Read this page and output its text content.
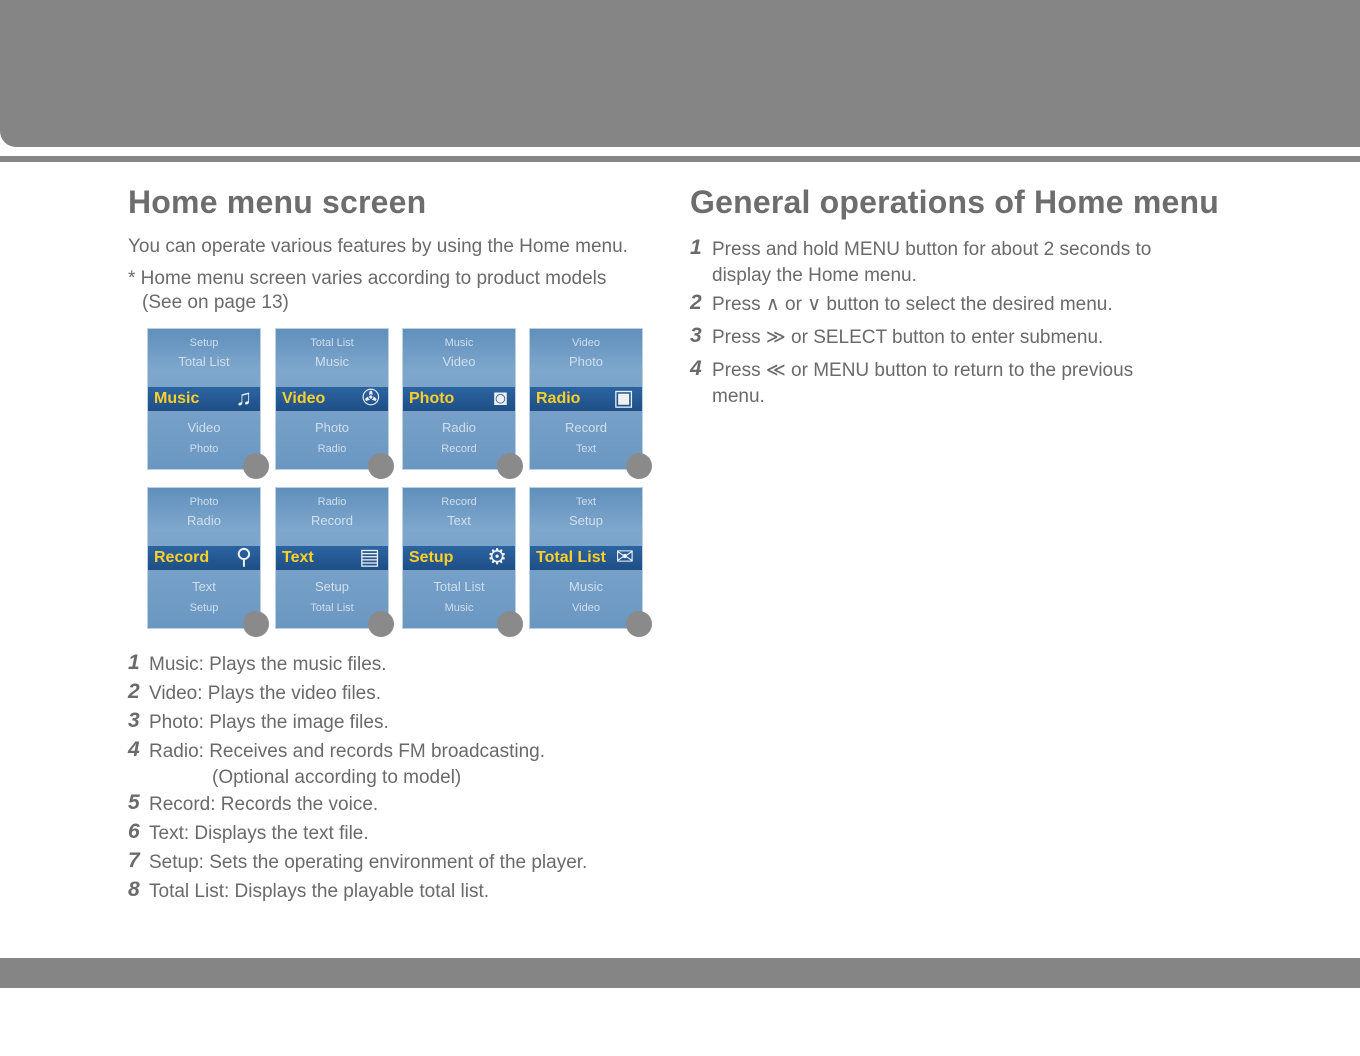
Home menu screen
You can operate various features by using the Home menu.
* Home menu screen varies according to product models
(See on page 13)
Setup
Total List
Music ♫
Video
Photo
Total List
Music
Video ✇
Photo
Radio
Music
Video
Photo ◙
Radio
Record
Video
Photo
Radio ▣
Record
Text
Photo
Radio
Record ⚲
Text
Setup
Radio
Record
Text ▤
Setup
Total List
Record
Text
Setup ⚙
Total List
Music
Text
Setup
Total List ✉
Music
Video
1 Music: Plays the music files.
2 Video: Plays the video files.
3 Photo: Plays the image files.
4 Radio: Receives and records FM broadcasting.
(Optional according to model)
5 Record: Records the voice.
6 Text: Displays the text file.
7 Setup: Sets the operating environment of the player.
8 Total List: Displays the playable total list.
General operations of Home menu
1 Press and hold MENU button for about 2 seconds to
display the Home menu.
2 Press ∧ or ∨ button to select the desired menu.
3 Press ≫ or SELECT button to enter submenu.
4 Press ≪ or MENU button to return to the previous
menu.
